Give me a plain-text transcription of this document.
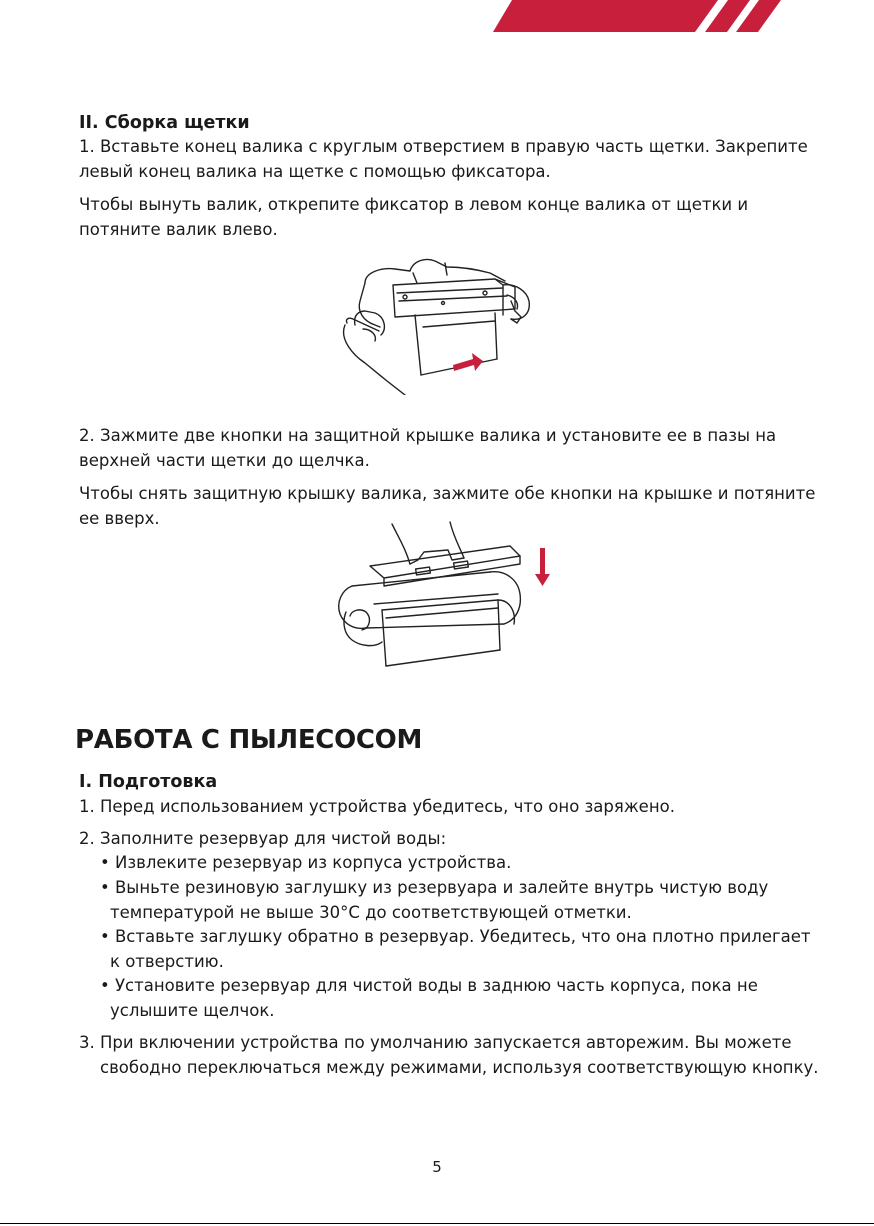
II. Сборка щетки

1. Вставьте конец валика с круглым отверстием в правую часть щетки. Закрепите

левый конец валика на щетке с помощью фиксатора.

Чтобы вынуть валик, открепите фиксатор в левом конце валика от щетки и

потяните валик влево.

2. Зажмите две кнопки на защитной крышке валика и установите ее в пазы на

верхней части щетки до щелчка.

Чтобы снять защитную крышку валика, зажмите обе кнопки на крышке и потяните

ее вверх.

РАБОТА С ПЫЛЕСОСОМ

I. Подготовка

1. Перед использованием устройства убедитесь, что оно заряжено.

2. Заполните резервуар для чистой воды:

• Извлеките резервуар из корпуса устройства.

• Выньте резиновую заглушку из резервуара и залейте внутрь чистую воду

температурой не выше 30°C до соответствующей отметки.

• Вставьте заглушку обратно в резервуар. Убедитесь, что она плотно прилегает

к отверстию.

• Установите резервуар для чистой воды в заднюю часть корпуса, пока не

услышите щелчок.

3. При включении устройства по умолчанию запускается авторежим. Вы можете

свободно переключаться между режимами, используя соответствующую кнопку.

5
